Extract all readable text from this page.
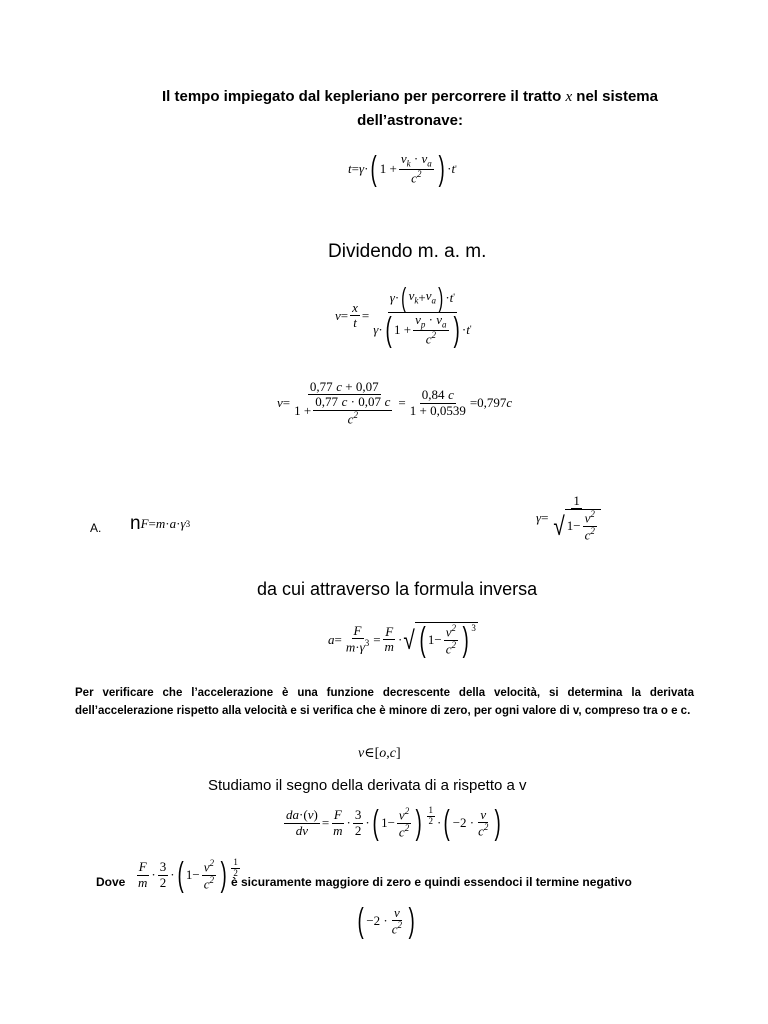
Il tempo impiegato dal kepleriano per percorrere il tratto x nel sistema
dell’astronave:
t = γ · ( $1 + \frac{v_k \cdot v_a}{c^2}$ ) · t '
Dividendo m. a. m.
$v = \frac{x}{t} = \frac{\gamma \cdot ( v_k + v_a ) \cdot t '}{\gamma \cdot ( 1 + \frac{v_p \cdot v_a}{c^2} ) \cdot t '}$
$v = \frac{0,77 c + 0,07}{1 + \frac{0,77 c \cdot 0,07 c}{c^2}} = \frac{0,84 c}{1 + 0,0539} = 0,797$ c
A. n F = m · a · γ 3	$\gamma = \frac{1}{√ 1- \frac{v^2}{c^2}}$
da cui attraverso la formula inversa
$a = \frac{F}{m\cdot\gamma^3} = \frac{F}{m}$ · √ ( $1- \frac{v^2}{c^2}$ ) $^3$
Per verificare che l’accelerazione è una funzione decrescente della velocità, si determina la derivata dell’accelerazione rispetto alla velocità e si verifica che è minore di zero, per ogni valore di v, compreso tra o e c.
v ∈ [ o , c ]
Studiamo il segno della derivata di a rispetto a v
$\frac{da\cdot(v)}{dv} = \frac{F}{m} \cdot \frac{3}{2}$ · ( $1- \frac{v^2}{c^2}$ ) $\frac{1}{2}$ · ( $-2 \cdot \frac{v}{c^2}$ )
Dove $\frac{F}{m} \cdot \frac{3}{2}$ · ( $1- \frac{v^2}{c^2}$ ) $\frac{1}{2}$
è sicuramente maggiore di zero e quindi essendoci il termine negativo
( $-2 \cdot \frac{v}{c^2}$ )
